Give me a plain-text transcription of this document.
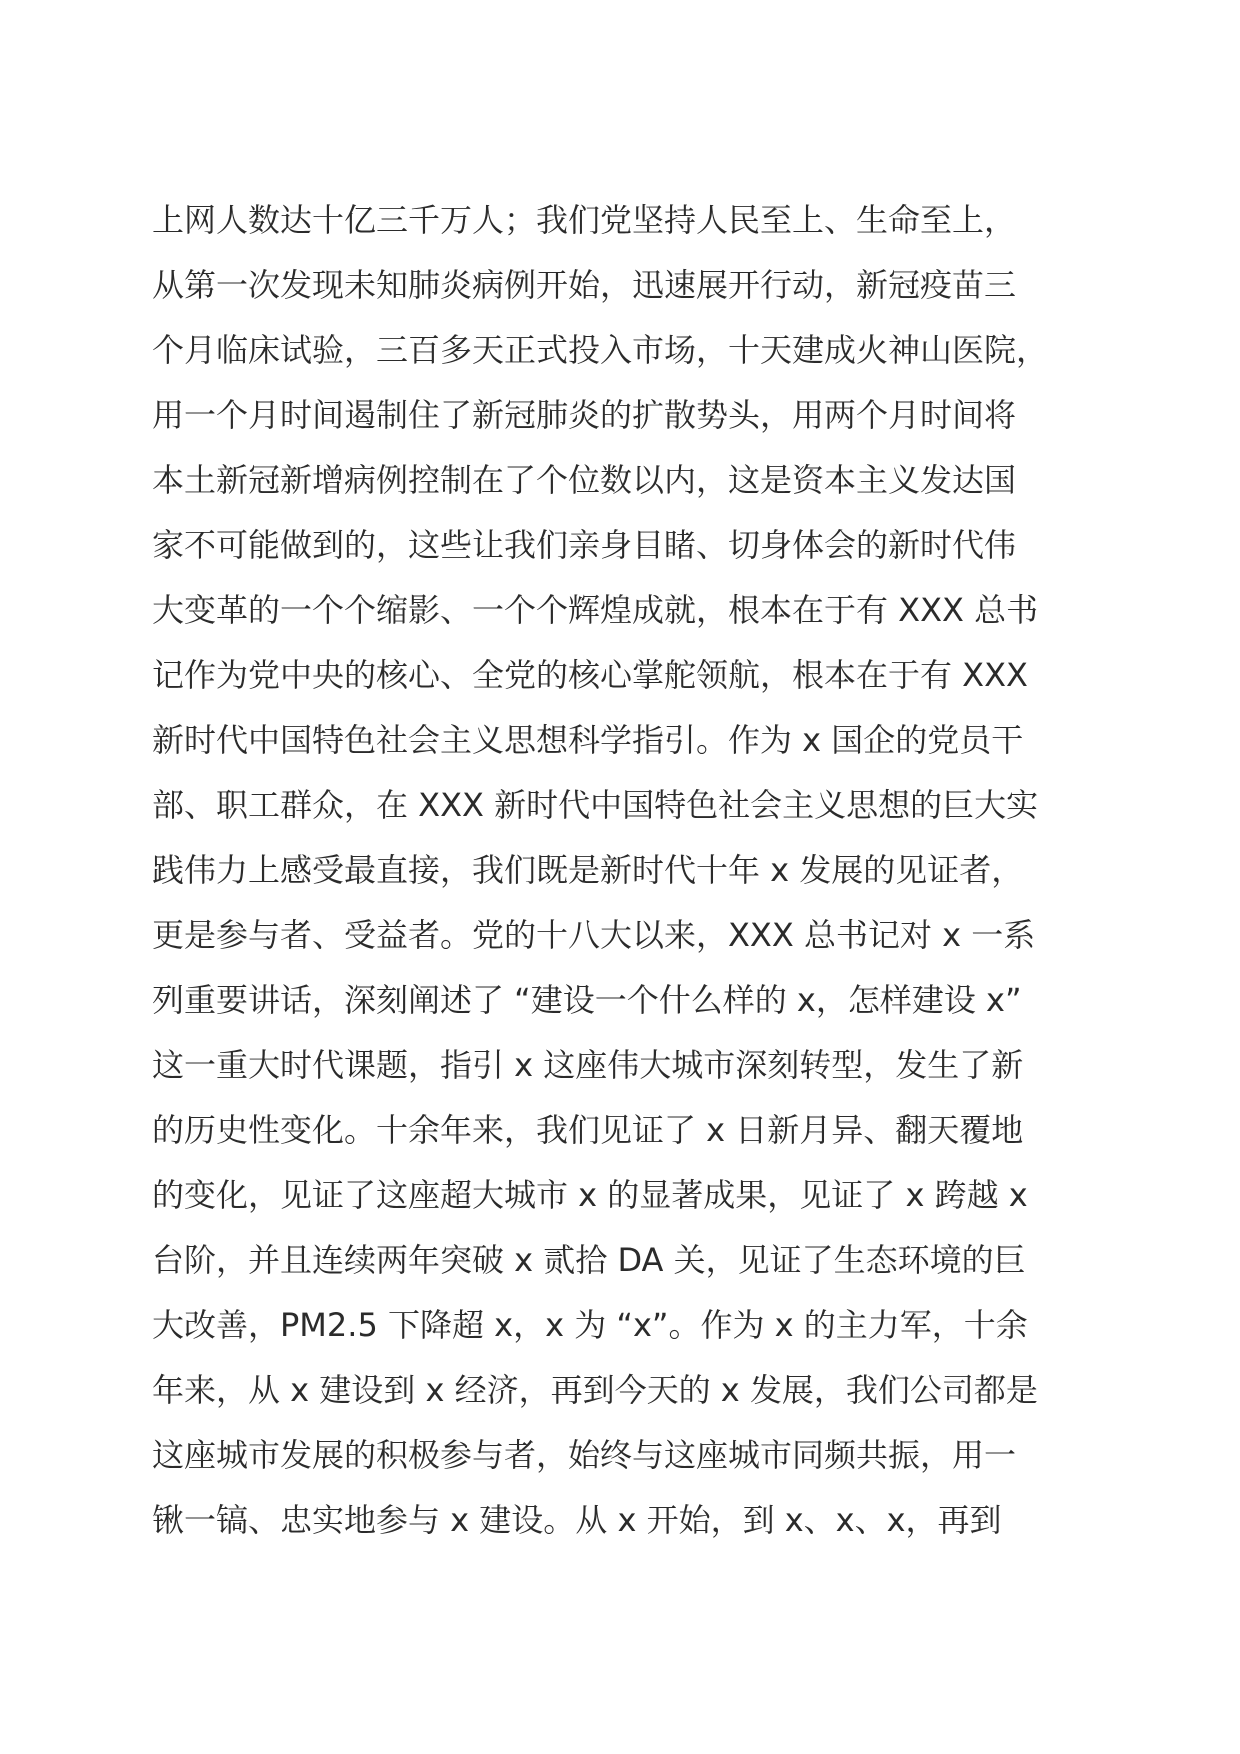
上网人数达十亿三千万人；我们党坚持人民至上、生命至上，
从第一次发现未知肺炎病例开始，迅速展开行动，新冠疫苗三
个月临床试验，三百多天正式投入市场，十天建成火神山医院，
用一个月时间遏制住了新冠肺炎的扩散势头，用两个月时间将
本土新冠新增病例控制在了个位数以内，这是资本主义发达国
家不可能做到的，这些让我们亲身目睹、切身体会的新时代伟
大变革的一个个缩影、一个个辉煌成就，根本在于有 XXX 总书
记作为党中央的核心、全党的核心掌舵领航，根本在于有 XXX
新时代中国特色社会主义思想科学指引。作为 x 国企的党员干
部、职工群众，在 XXX 新时代中国特色社会主义思想的巨大实
践伟力上感受最直接，我们既是新时代十年 x 发展的见证者，
更是参与者、受益者。党的十八大以来，XXX 总书记对 x 一系
列重要讲话，深刻阐述了 “建设一个什么样的 x，怎样建设 x”
这一重大时代课题，指引 x 这座伟大城市深刻转型，发生了新
的历史性变化。十余年来，我们见证了 x 日新月异、翻天覆地
的变化，见证了这座超大城市 x 的显著成果，见证了 x 跨越 x
台阶，并且连续两年突破 x 贰拾 DA 关，见证了生态环境的巨
大改善，PM2.5 下降超 x，x 为 “x”。作为 x 的主力军，十余
年来，从 x 建设到 x 经济，再到今天的 x 发展，我们公司都是
这座城市发展的积极参与者，始终与这座城市同频共振，用一
锹一镐、忠实地参与 x 建设。从 x 开始，到 x、x、x，再到
